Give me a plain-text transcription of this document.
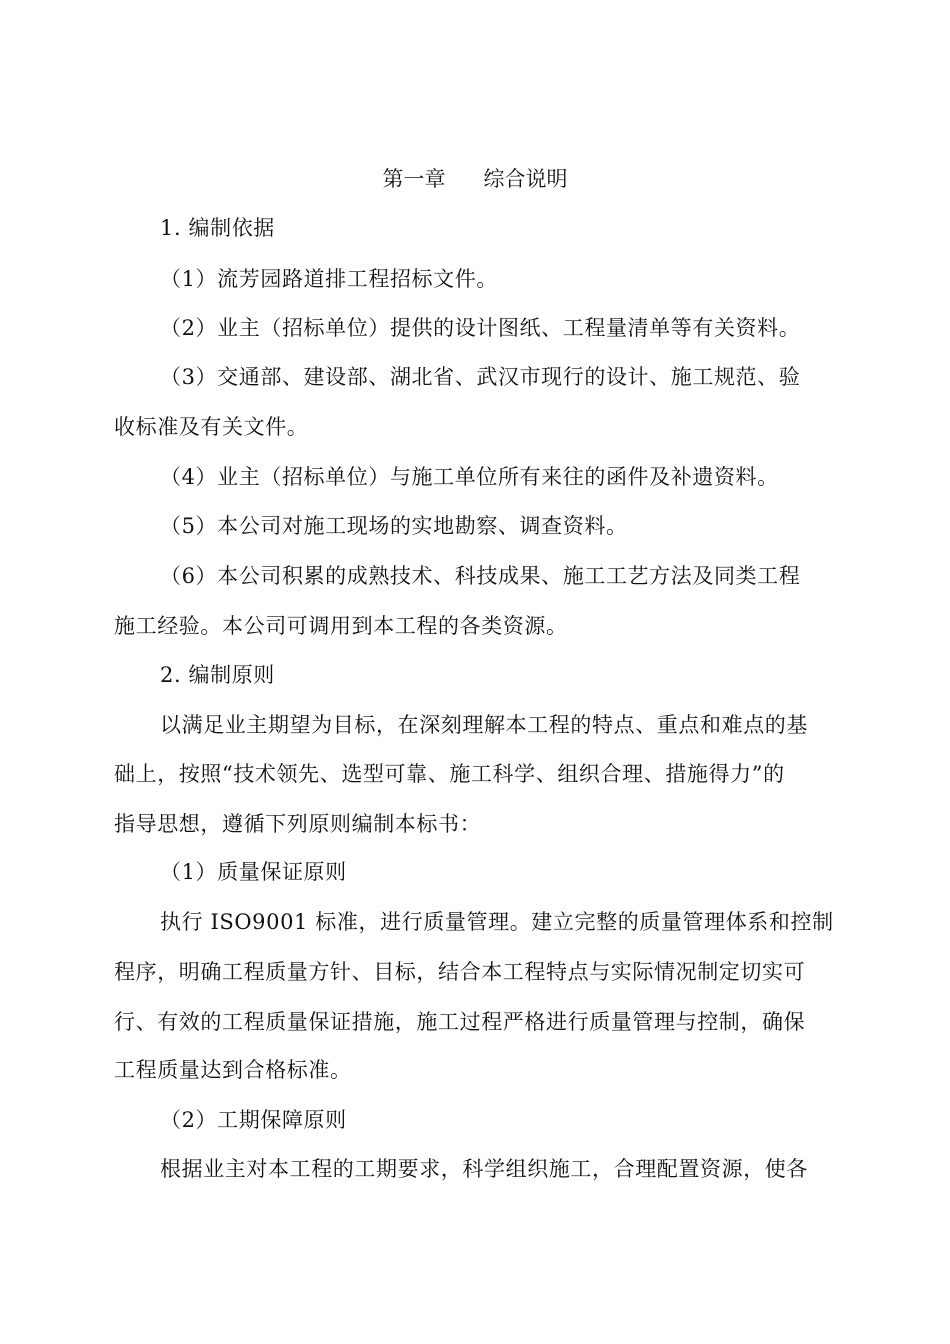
第一章 综合说明
1. 编制依据
（1）流芳园路道排工程招标文件。
（2）业主（招标单位）提供的设计图纸、工程量清单等有关资料。
（3）交通部、建设部、湖北省、武汉市现行的设计、施工规范、验
收标准及有关文件。
（4）业主（招标单位）与施工单位所有来往的函件及补遗资料。
（5）本公司对施工现场的实地勘察、调查资料。
（6）本公司积累的成熟技术、科技成果、施工工艺方法及同类工程
施工经验。本公司可调用到本工程的各类资源。
2. 编制原则
以满足业主期望为目标，在深刻理解本工程的特点、重点和难点的基
础上，按照“技术领先、选型可靠、施工科学、组织合理、措施得力”的
指导思想，遵循下列原则编制本标书：
（1）质量保证原则
执行 ISO9001 标准，进行质量管理。建立完整的质量管理体系和控制
程序，明确工程质量方针、目标，结合本工程特点与实际情况制定切实可
行、有效的工程质量保证措施，施工过程严格进行质量管理与控制，确保
工程质量达到合格标准。
（2）工期保障原则
根据业主对本工程的工期要求，科学组织施工，合理配置资源，使各
